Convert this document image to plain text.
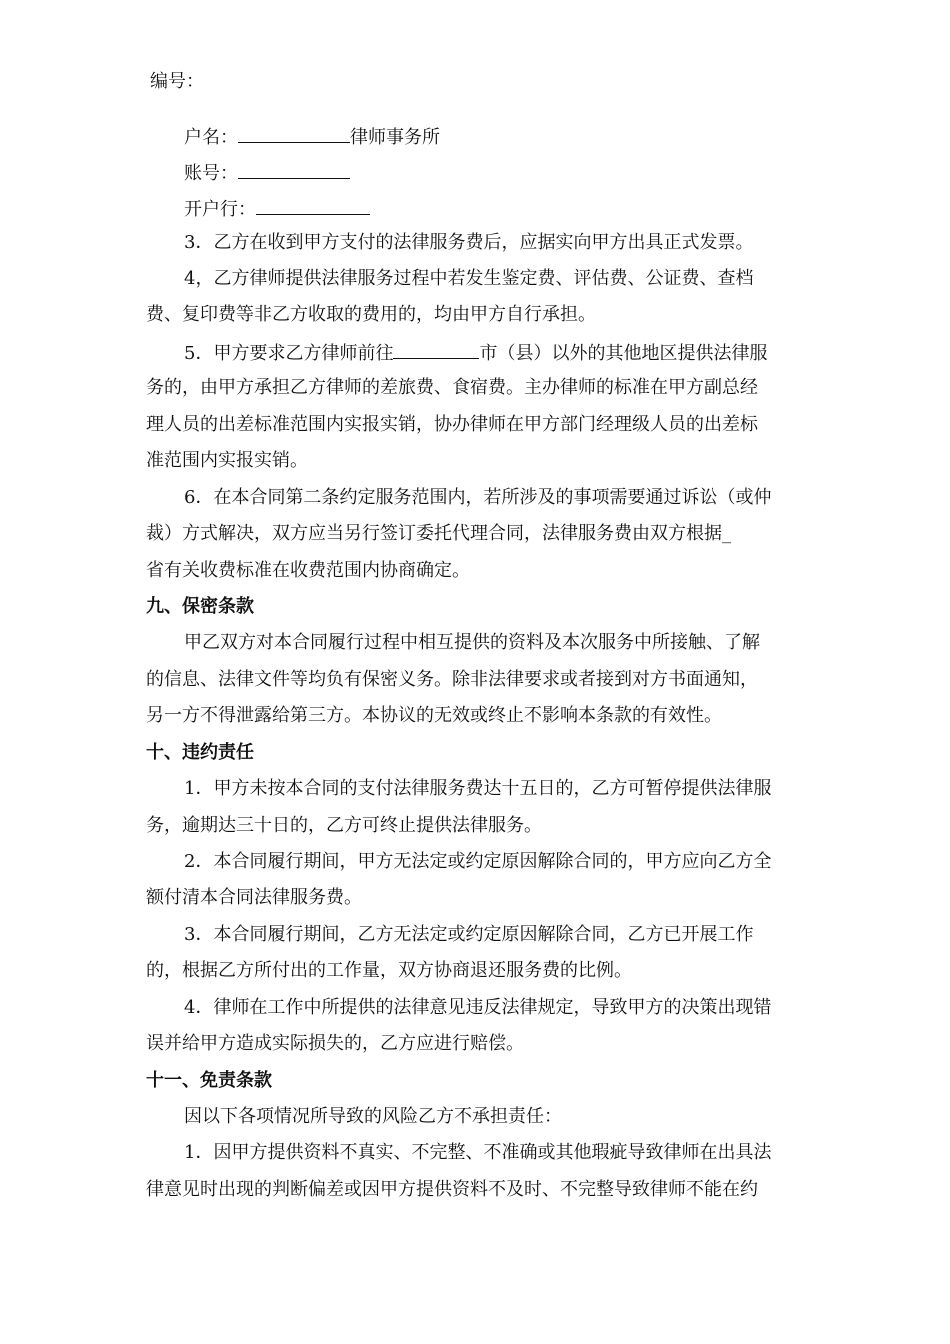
编号：
户名：	律师事务所
账号：
开户行：
3．乙方在收到甲方支付的法律服务费后，应据实向甲方出具正式发票。
4，乙方律师提供法律服务过程中若发生鉴定费、评估费、公证费、查档
费、复印费等非乙方收取的费用的，均由甲方自行承担。
5．甲方要求乙方律师前往	市（县）以外的其他地区提供法律服
务的，由甲方承担乙方律师的差旅费、食宿费。主办律师的标准在甲方副总经
理人员的出差标准范围内实报实销，协办律师在甲方部门经理级人员的出差标
准范围内实报实销。
6．在本合同第二条约定服务范围内，若所涉及的事项需要通过诉讼（或仲
裁）方式解决，双方应当另行签订委托代理合同，法律服务费由双方根据_
省有关收费标准在收费范围内协商确定。
九、保密条款
甲乙双方对本合同履行过程中相互提供的资料及本次服务中所接触、了解
的信息、法律文件等均负有保密义务。除非法律要求或者接到对方书面通知，
另一方不得泄露给第三方。本协议的无效或终止不影响本条款的有效性。
十、违约责任
1．甲方未按本合同的支付法律服务费达十五日的，乙方可暂停提供法律服
务，逾期达三十日的，乙方可终止提供法律服务。
2．本合同履行期间，甲方无法定或约定原因解除合同的，甲方应向乙方全
额付清本合同法律服务费。
3．本合同履行期间，乙方无法定或约定原因解除合同，乙方已开展工作
的，根据乙方所付出的工作量，双方协商退还服务费的比例。
4．律师在工作中所提供的法律意见违反法律规定，导致甲方的决策出现错
误并给甲方造成实际损失的，乙方应进行赔偿。
十一、免责条款
因以下各项情况所导致的风险乙方不承担责任：
1．因甲方提供资料不真实、不完整、不准确或其他瑕疵导致律师在出具法
律意见时出现的判断偏差或因甲方提供资料不及时、不完整导致律师不能在约
